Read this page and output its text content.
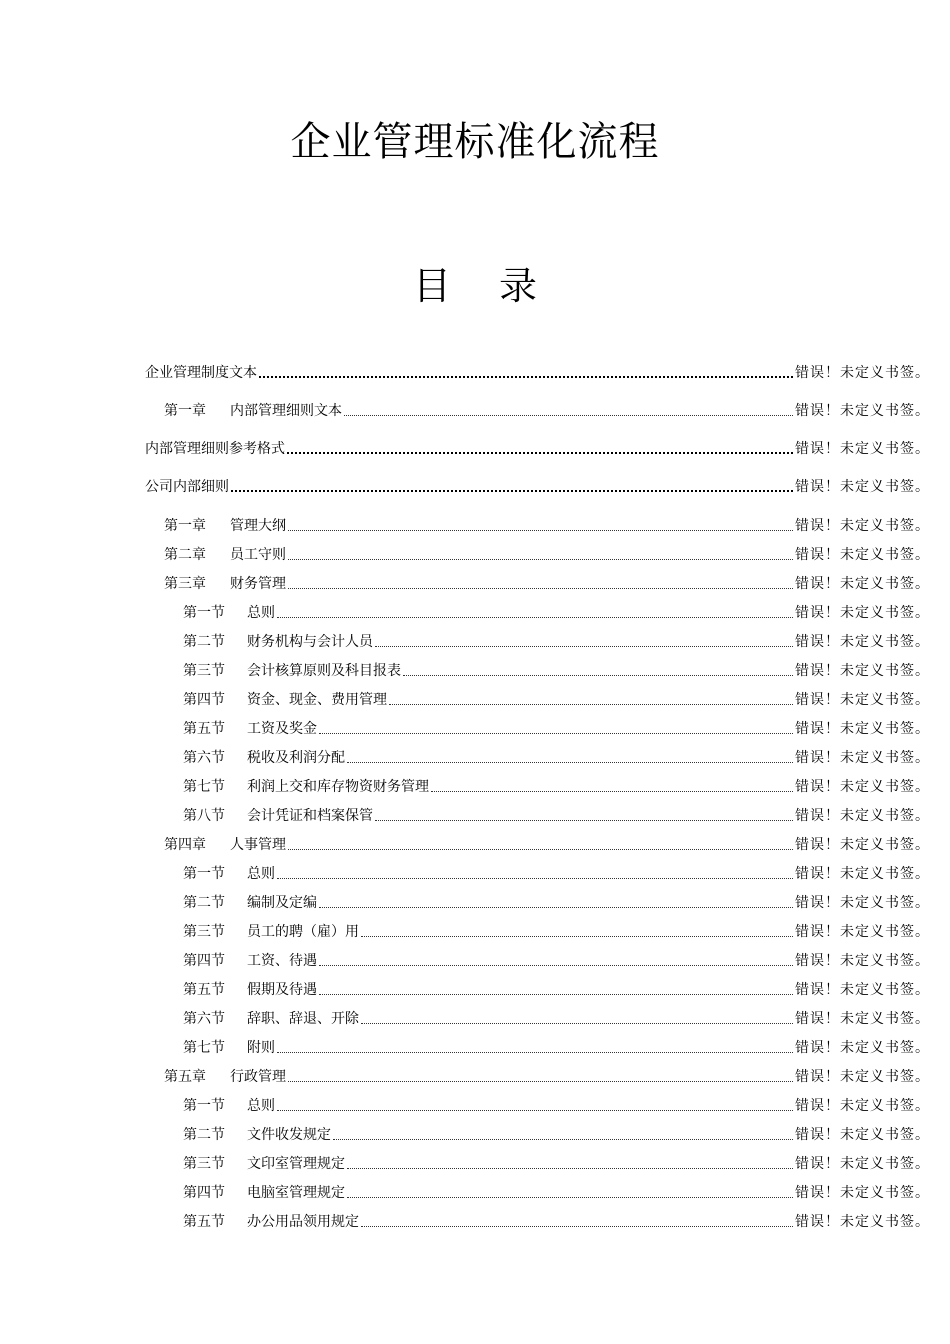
企业管理标准化流程
目 录
企业管理制度文本	错误！未定义书签。
第一章	内部管理细则文本	错误！未定义书签。
内部管理细则参考格式	错误！未定义书签。
公司内部细则	错误！未定义书签。
第一章	管理大纲	错误！未定义书签。
第二章	员工守则	错误！未定义书签。
第三章	财务管理	错误！未定义书签。
第一节	总则	错误！未定义书签。
第二节	财务机构与会计人员	错误！未定义书签。
第三节	会计核算原则及科目报表	错误！未定义书签。
第四节	资金、现金、费用管理	错误！未定义书签。
第五节	工资及奖金	错误！未定义书签。
第六节	税收及利润分配	错误！未定义书签。
第七节	利润上交和库存物资财务管理	错误！未定义书签。
第八节	会计凭证和档案保管	错误！未定义书签。
第四章	人事管理	错误！未定义书签。
第一节	总则	错误！未定义书签。
第二节	编制及定编	错误！未定义书签。
第三节	员工的聘（雇）用	错误！未定义书签。
第四节	工资、待遇	错误！未定义书签。
第五节	假期及待遇	错误！未定义书签。
第六节	辞职、辞退、开除	错误！未定义书签。
第七节	附则	错误！未定义书签。
第五章	行政管理	错误！未定义书签。
第一节	总则	错误！未定义书签。
第二节	文件收发规定	错误！未定义书签。
第三节	文印室管理规定	错误！未定义书签。
第四节	电脑室管理规定	错误！未定义书签。
第五节	办公用品领用规定	错误！未定义书签。
